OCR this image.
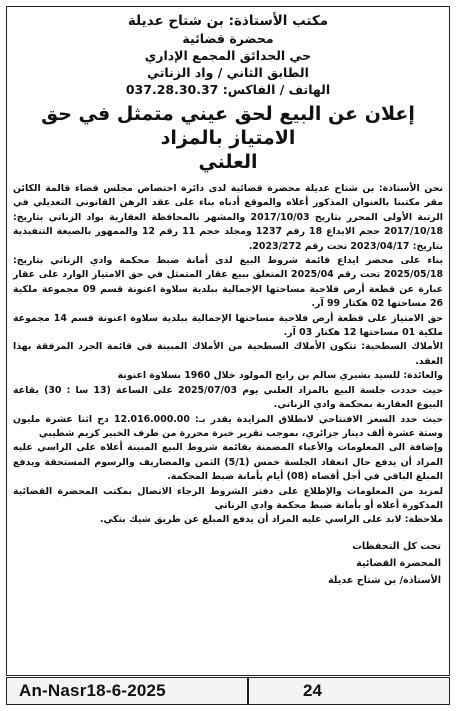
مكتب الأستاذة: بن شتاح عديلة
محضرة قضائية
حي الحدائق المجمع الإداري
الطابق الثاني / واد الزناتي
الهاتف / الفاكس: 037.28.30.37
إعلان عن البيع لحق عيني متمثل في حق الامتياز بالمزاد
العلني

نحن الأستاذة: بن شتاح عديلة محضرة قضائية لدى دائرة اختصاص مجلس قضاء قالمة الكائن مقر مكتبنا بالعنوان المذكور أعلاه والموقع أدناه بناء على عقد الرهن القانوني التعديلي في الرتبة الأولى المحرر بتاريخ 2017/10/03 والمشهر بالمحافظة العقارية بواد الزناتي بتاريخ: 2017/10/18 حجم الايداع 18 رقم 1237 ومجلد حجم 11 رقم 12 والممهور بالصيغة التنفيذية بتاريخ: 2023/04/17 تحت رقم 2023/272.

بناء على محضر ايداع قائمة شروط البيع لدى أمانة ضبط محكمة وادي الزناتي بتاريخ: 2025/05/18 تحت رقم 2025/04 المتعلق ببيع عقار المتمثل في حق الامتياز الوارد على عقار عبارة عن قطعة أرض فلاحية مساحتها الإجمالية ببلدية سلاوة اعنونة قسم 09 مجموعة ملكية 26 مساحتها 02 هكتار 99 آر.

حق الامتياز على قطعة أرض فلاحية مساحتها الإجمالية ببلدية سلاوة اعنونة قسم 14 مجموعة ملكية 01 مساحتها 12 هكتار 03 آر.

الأملاك السطحية: تتكون الأملاك السطحية من الأملاك المبينة في قائمة الجرد المرفقة بهذا العقد.

والعائدة: للسيد بشيري سالم بن رابح المولود خلال 1960 بسلاوة اعنونة

حيث حددت جلسة البيع بالمزاد العلني يوم 2025/07/03 على الساعة (13 سا : 30) بقاعة البيوع العقارية بمحكمة وادي الزناتي.

حيث حدد السعر الافتتاحي لانطلاق المزايدة يقدر بـ: 12.016.000.00 دج اثنا عشرة مليون وستة عشرة ألف دينار جزائري، بموجب تقرير خبرة محررة من طرف الخبير كريم شطيبي

وإضافة الى المعلومات والأعباء المضمنة بقائمة شروط البيع المبينة أعلاه على الراسي عليه المزاد أن يدفع حال انعقاد الجلسة خمس (5/1) الثمن والمصاريف والرسوم المستحقة ويدفع المبلغ الباقي في أجل أقصاه (08) أيام بأمانة ضبط المحكمة.

لمزيد من المعلومات والإطلاع على دفتر الشروط الرجاء الاتصال بمكتب المحضرة القضائية المذكورة أعلاه أو بأمانة ضبط محكمة وادي الزناتي

ملاحظة: لابد على الراسي عليه المزاد أن يدفع المبلغ عن طريق شيك بنكي.

تحت كل التحفظات
المحضرة القضائية
الأستاذة/ بن شتاح عديلة
An-Nasr18-6-2025	24
